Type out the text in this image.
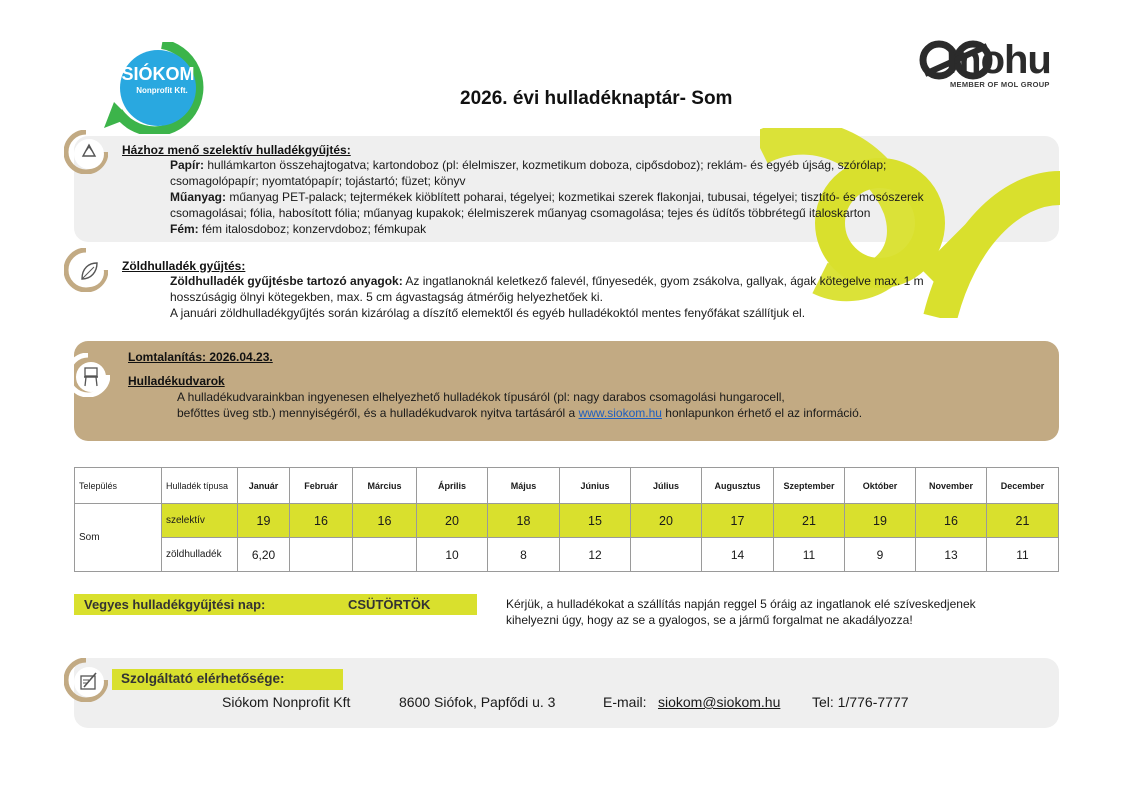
SIÓKOM
Nonprofit Kft.
mohu
MEMBER OF MOL GROUP
2026. évi hulladéknaptár- Som
Házhoz menő szelektív hulladékgyűjtés:
Papír: hullámkarton összehajtogatva; kartondoboz (pl: élelmiszer, kozmetikum doboza, cipősdoboz); reklám- és egyéb újság, szórólap;
csomagolópapír; nyomtatópapír; tojástartó; füzet; könyv
Műanyag: műanyag PET-palack; tejtermékek kiöblített poharai, tégelyei; kozmetikai szerek flakonjai, tubusai, tégelyei; tisztító- és mosószerek
csomagolásai; fólia, habosított fólia; műanyag kupakok; élelmiszerek műanyag csomagolása; tejes és üdítős többrétegű italoskarton
Fém: fém italosdoboz; konzervdoboz; fémkupak
Zöldhulladék gyűjtés:
Zöldhulladék gyűjtésbe tartozó anyagok: Az ingatlanoknál keletkező falevél, fűnyesedék, gyom zsákolva, gallyak, ágak kötegelve max. 1 m
hosszúságig ölnyi kötegekben, max. 5 cm ágvastagság átmérőig helyezhetőek ki.
A januári zöldhulladékgyűjtés során kizárólag a díszítő elemektől és egyéb hulladékoktól mentes fenyőfákat szállítjuk el.
Lomtalanítás: 2026.04.23.
Hulladékudvarok
A hulladékudvarainkban ingyenesen elhelyezhető hulladékok típusáról (pl: nagy darabos csomagolási hungarocell,
befőttes üveg stb.) mennyiségéről, és a hulladékudvarok nyitva tartásáról a www.siokom.hu honlapunkon érhető el az információ.
Település	Hulladék típusa	Január	Február	Március	Április	Május	Június	Július	Augusztus	Szeptember	Október	November	December
Som	szelektív	19	16	16	20	18	15	20	17	21	19	16	21
	zöldhulladék	6,20			10	8	12		14	11	9	13	11
Vegyes hulladékgyűjtési nap:	CSÜTÖRTÖK	Kérjük, a hulladékokat a szállítás napján reggel 5 óráig az ingatlanok elé szíveskedjenek
kihelyezni úgy, hogy az se a gyalogos, se a jármű forgalmat ne akadályozza!
Szolgáltató elérhetősége:
Siókom Nonprofit Kft	8600 Siófok, Papfődi u. 3	E-mail: siokom@siokom.hu Tel: 1/776-7777
